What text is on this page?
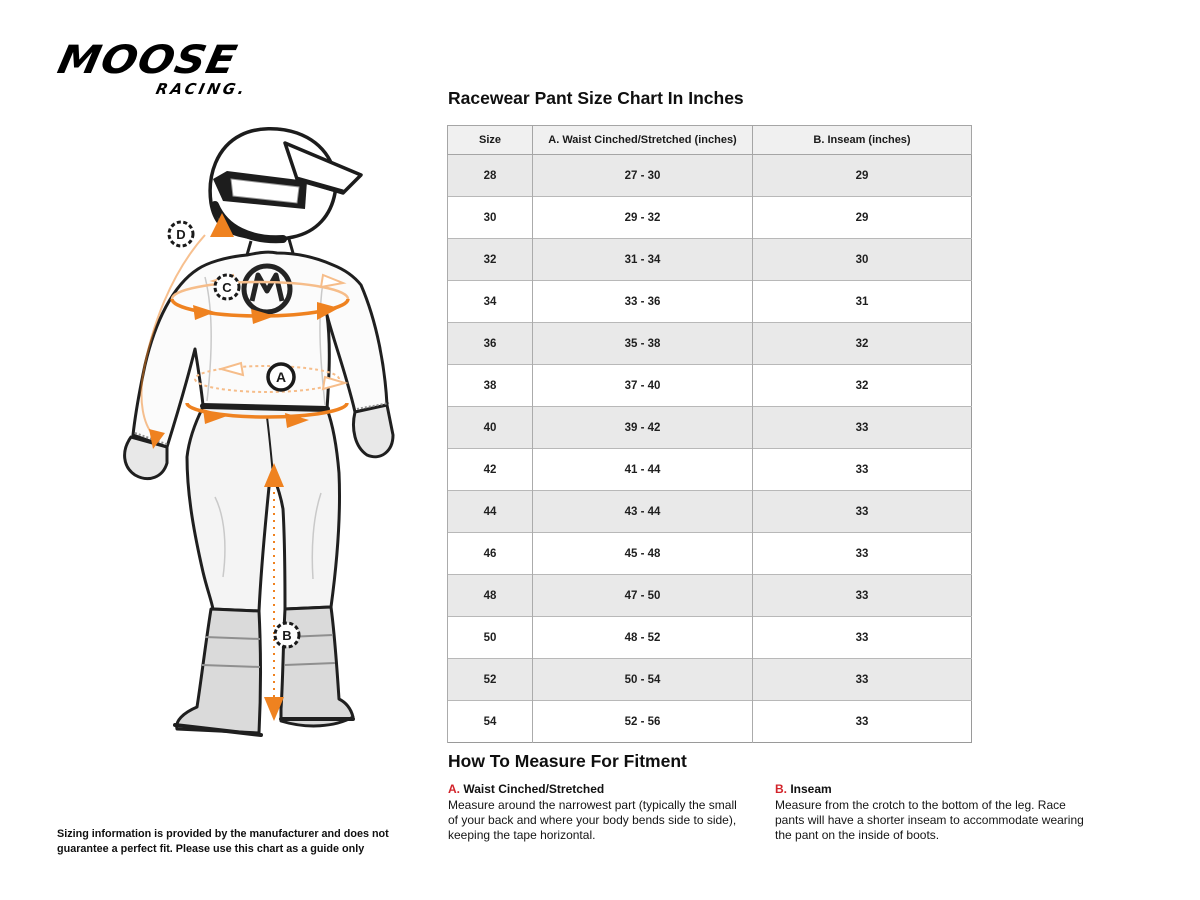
MOOSE
RACING.
D
C
A
B
Racewear Pant Size Chart In Inches
Size	A. Waist Cinched/Stretched (inches)	B. Inseam (inches)
28	27 - 30	29
30	29 - 32	29
32	31 - 34	30
34	33 - 36	31
36	35 - 38	32
38	37 - 40	32
40	39 - 42	33
42	41 - 44	33
44	43 - 44	33
46	45 - 48	33
48	47 - 50	33
50	48 - 52	33
52	50 - 54	33
54	52 - 56	33
How To Measure For Fitment
A. Waist Cinched/Stretched
Measure around the narrowest part (typically the small of your back and where your body bends side to side), keeping the tape horizontal.
B. Inseam
Measure from the crotch to the bottom of the leg. Race pants will have a shorter inseam to accommodate wearing the pant on the inside of boots.

Sizing information is provided by the manufacturer and does not guarantee a perfect fit. Please use this chart as a guide only
